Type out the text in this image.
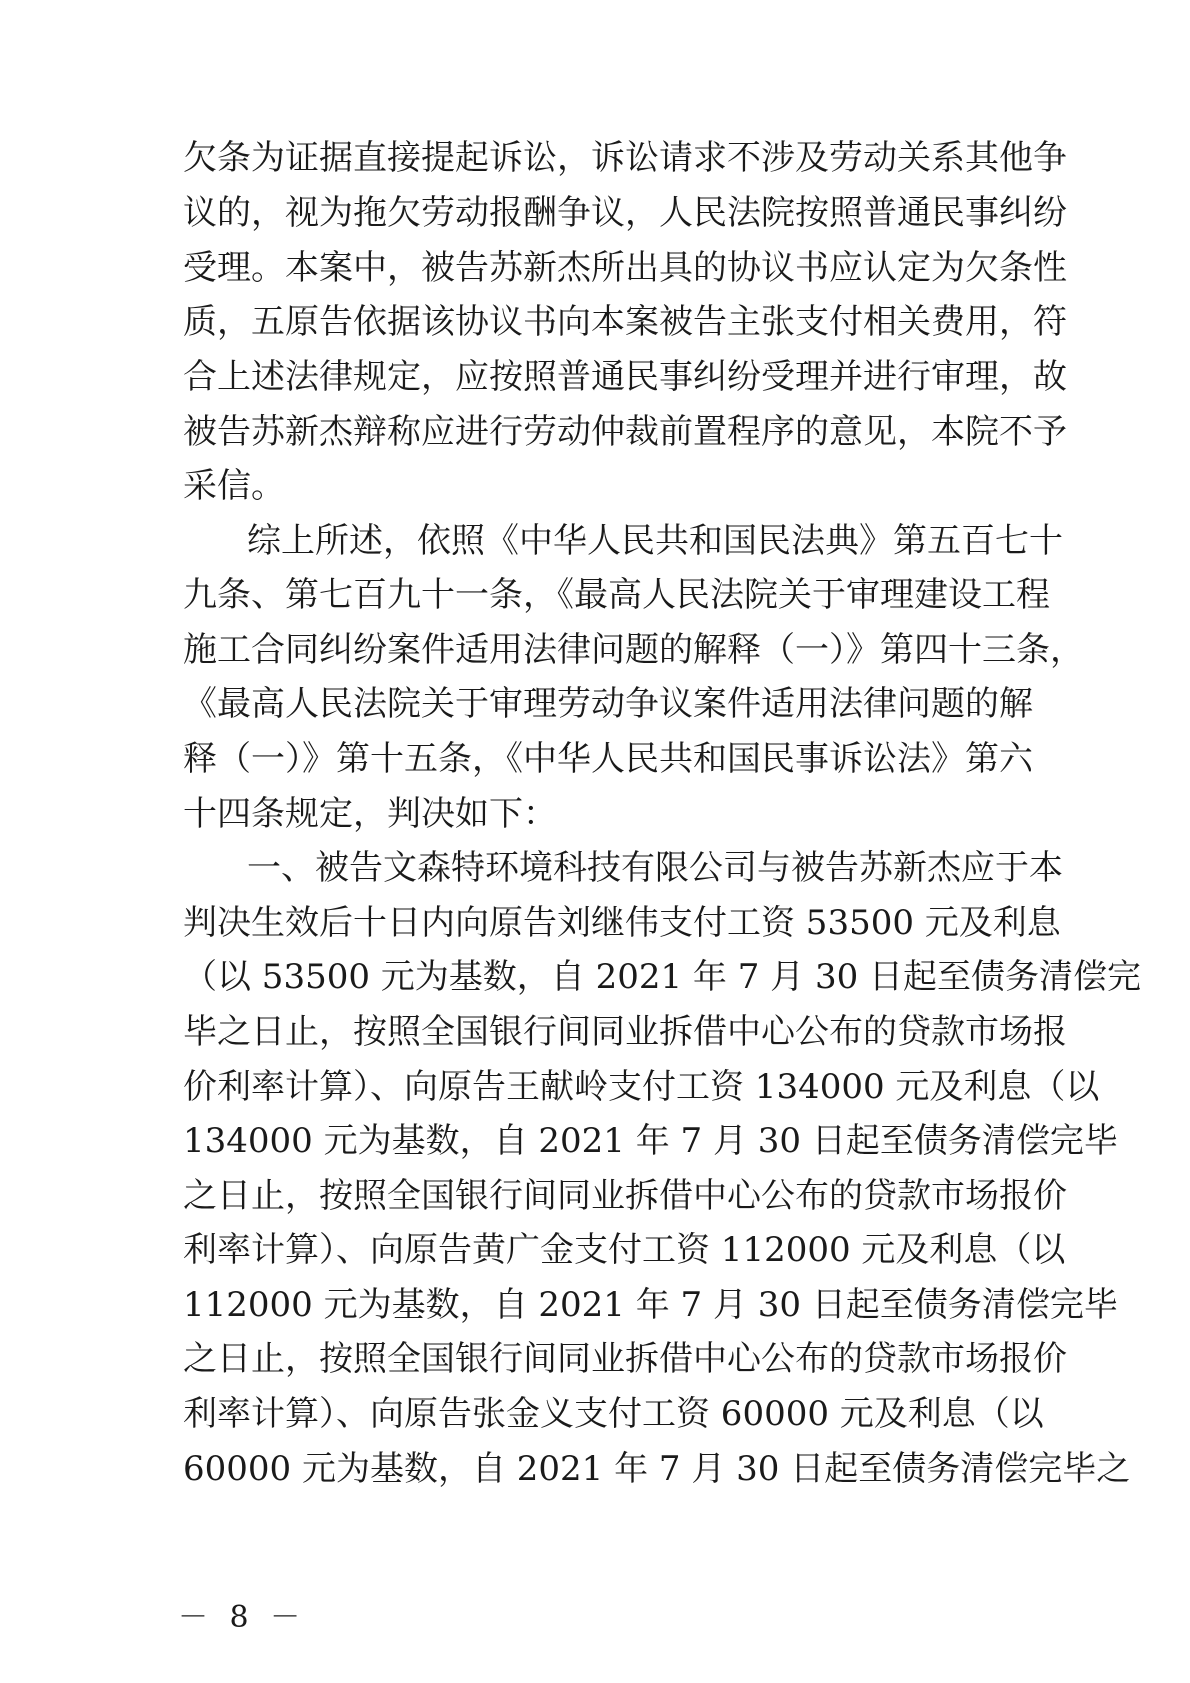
欠条为证据直接提起诉讼，诉讼请求不涉及劳动关系其他争
议的，视为拖欠劳动报酬争议，人民法院按照普通民事纠纷
受理。本案中，被告苏新杰所出具的协议书应认定为欠条性
质，五原告依据该协议书向本案被告主张支付相关费用，符
合上述法律规定，应按照普通民事纠纷受理并进行审理，故
被告苏新杰辩称应进行劳动仲裁前置程序的意见，本院不予
采信。
综上所述，依照《中华人民共和国民法典》第五百七十
九条、第七百九十一条，《最高人民法院关于审理建设工程
施工合同纠纷案件适用法律问题的解释（一）》第四十三条，
《最高人民法院关于审理劳动争议案件适用法律问题的解
释（一）》第十五条，《中华人民共和国民事诉讼法》第六
十四条规定，判决如下：
一、被告文森特环境科技有限公司与被告苏新杰应于本
判决生效后十日内向原告刘继伟支付工资 53500 元及利息
（以 53500 元为基数，自 2021 年 7 月 30 日起至债务清偿完
毕之日止，按照全国银行间同业拆借中心公布的贷款市场报
价利率计算）、向原告王献岭支付工资 134000 元及利息（以
134000 元为基数，自 2021 年 7 月 30 日起至债务清偿完毕
之日止，按照全国银行间同业拆借中心公布的贷款市场报价
利率计算）、向原告黄广金支付工资 112000 元及利息（以
112000 元为基数，自 2021 年 7 月 30 日起至债务清偿完毕
之日止，按照全国银行间同业拆借中心公布的贷款市场报价
利率计算）、向原告张金义支付工资 60000 元及利息（以
60000 元为基数，自 2021 年 7 月 30 日起至债务清偿完毕之
－ 8 －
